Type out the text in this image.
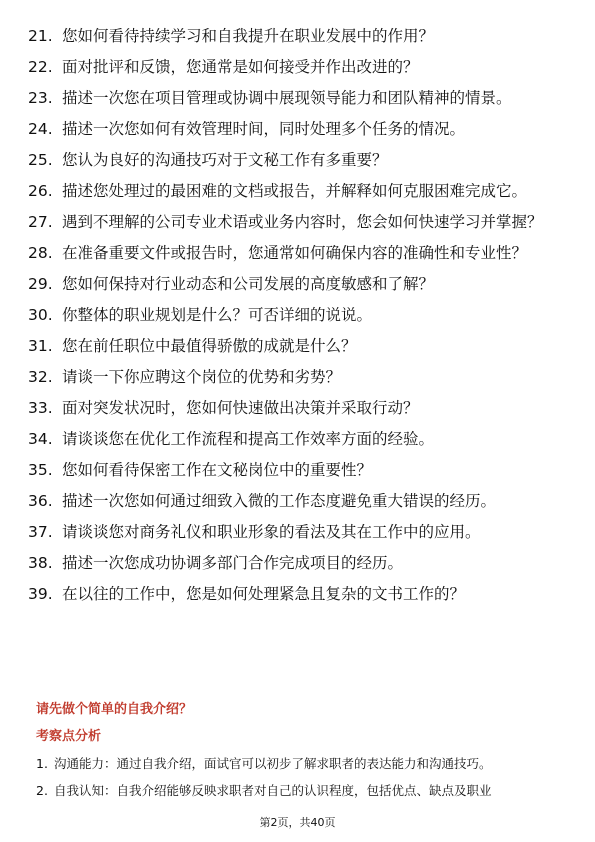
21. 您如何看待持续学习和自我提升在职业发展中的作用？
22. 面对批评和反馈，您通常是如何接受并作出改进的？
23. 描述一次您在项目管理或协调中展现领导能力和团队精神的情景。
24. 描述一次您如何有效管理时间，同时处理多个任务的情况。
25. 您认为良好的沟通技巧对于文秘工作有多重要？
26. 描述您处理过的最困难的文档或报告，并解释如何克服困难完成它。
27. 遇到不理解的公司专业术语或业务内容时，您会如何快速学习并掌握？
28. 在准备重要文件或报告时，您通常如何确保内容的准确性和专业性？
29. 您如何保持对行业动态和公司发展的高度敏感和了解？
30. 你整体的职业规划是什么？可否详细的说说。
31. 您在前任职位中最值得骄傲的成就是什么？
32. 请谈一下你应聘这个岗位的优势和劣势？
33. 面对突发状况时，您如何快速做出决策并采取行动？
34. 请谈谈您在优化工作流程和提高工作效率方面的经验。
35. 您如何看待保密工作在文秘岗位中的重要性？
36. 描述一次您如何通过细致入微的工作态度避免重大错误的经历。
37. 请谈谈您对商务礼仪和职业形象的看法及其在工作中的应用。
38. 描述一次您成功协调多部门合作完成项目的经历。
39. 在以往的工作中，您是如何处理紧急且复杂的文书工作的？
请先做个简单的自我介绍？
考察点分析
1. 沟通能力：通过自我介绍，面试官可以初步了解求职者的表达能力和沟通技巧。
2. 自我认知：自我介绍能够反映求职者对自己的认识程度，包括优点、缺点及职业
第2页，共40页
